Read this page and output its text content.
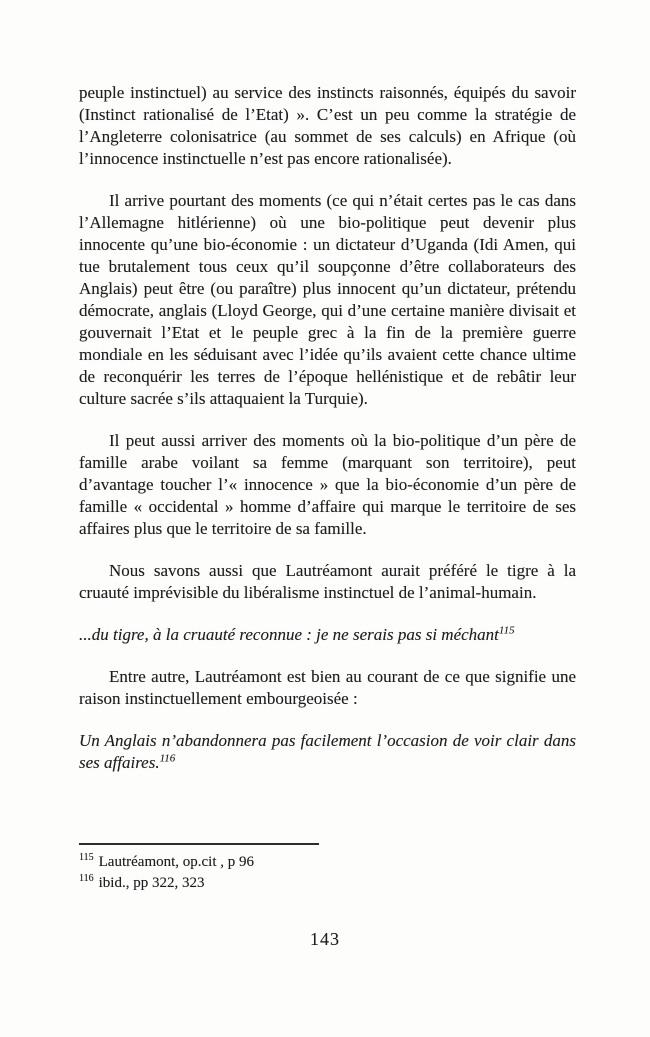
peuple instinctuel) au service des instincts raisonnés, équipés du savoir (Instinct rationalisé de l’Etat) ». C’est un peu comme la stratégie de l’Angleterre colonisatrice (au sommet de ses calculs) en Afrique (où l’innocence instinctuelle n’est pas encore rationalisée).

Il arrive pourtant des moments (ce qui n’était certes pas le cas dans l’Allemagne hitlérienne) où une bio-politique peut devenir plus innocente qu’une bio-économie : un dictateur d’Uganda (Idi Amen, qui tue brutalement tous ceux qu’il soupçonne d’être collaborateurs des Anglais) peut être (ou paraître) plus innocent qu’un dictateur, prétendu démocrate, anglais (Lloyd George, qui d’une certaine manière divisait et gouvernait l’Etat et le peuple grec à la fin de la première guerre mondiale en les séduisant avec l’idée qu’ils avaient cette chance ultime de reconquérir les terres de l’époque hellénistique et de rebâtir leur culture sacrée s’ils attaquaient la Turquie).

Il peut aussi arriver des moments où la bio-politique d’un père de famille arabe voilant sa femme (marquant son territoire), peut d’avantage toucher l’« innocence » que la bio-économie d’un père de famille « occidental » homme d’affaire qui marque le territoire de ses affaires plus que le territoire de sa famille.

Nous savons aussi que Lautréamont aurait préféré le tigre à la cruauté imprévisible du libéralisme instinctuel de l’animal-humain.

...du tigre, à la cruauté reconnue : je ne serais pas si méchant$^{115}$

Entre autre, Lautréamont est bien au courant de ce que signifie une raison instinctuellement embourgeoisée :

Un Anglais n’abandonnera pas facilement l’occasion de voir clair dans ses affaires.$^{116}$

$^{115}$ Lautréamont, op.cit , p 96
$^{116}$ ibid., pp 322, 323
143
